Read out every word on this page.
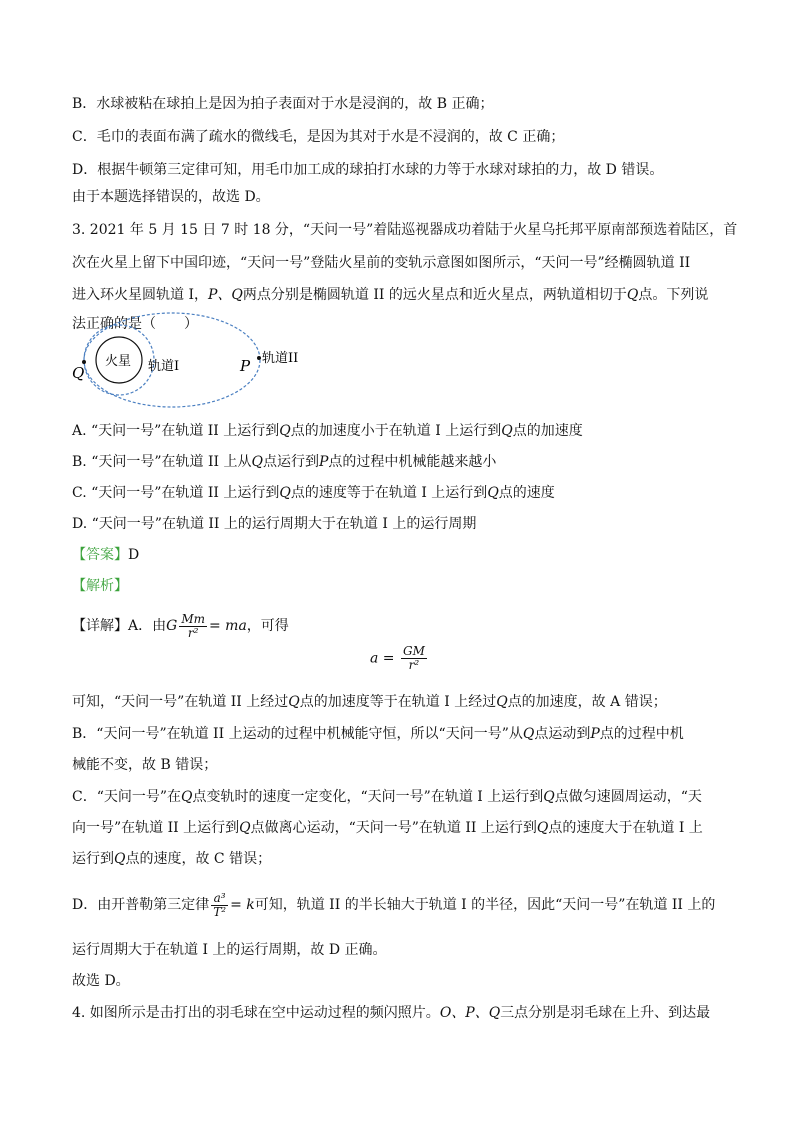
B．水球被粘在球拍上是因为拍子表面对于水是浸润的，故 B 正确；
C．毛巾的表面布满了疏水的微线毛，是因为其对于水是不浸润的，故 C 正确；
D．根据牛顿第三定律可知，用毛巾加工成的球拍打水球的力等于水球对球拍的力，故 D 错误。
由于本题选择错误的，故选 D。
3. 2021 年 5 月 15 日 7 时 18 分，“天问一号”着陆巡视器成功着陆于火星乌托邦平原南部预选着陆区，首
次在火星上留下中国印迹，“天问一号”登陆火星前的变轨示意图如图所示，“天问一号”经椭圆轨道 II
进入环火星圆轨道 I，P、Q两点分别是椭圆轨道 II 的远火星点和近火星点，两轨道相切于Q点。下列说
法正确的是（　　）
火星 轨道I
轨道II
Q	P
A. “天问一号”在轨道 II 上运行到Q点的加速度小于在轨道 I 上运行到Q点的加速度
B. “天问一号”在轨道 II 上从Q点运行到P点的过程中机械能越来越小
C. “天问一号”在轨道 II 上运行到Q点的速度等于在轨道 I 上运行到Q点的速度
D. “天问一号”在轨道 II 上的运行周期大于在轨道 I 上的运行周期
【答案】D
【解析】
【详解】A．由G $\frac{Mm}{\text{r²}}$ = ma，可得
$a = \frac{GM}{\text{r²}}$
可知，“天问一号”在轨道 II 上经过Q点的加速度等于在轨道 I 上经过Q点的加速度，故 A 错误；
B．“天问一号”在轨道 II 上运动的过程中机械能守恒，所以“天问一号”从Q点运动到P点的过程中机
械能不变，故 B 错误；
C．“天问一号”在Q点变轨时的速度一定变化，“天问一号”在轨道 I 上运行到Q点做匀速圆周运动，“天
向一号”在轨道 II 上运行到Q点做离心运动，“天问一号”在轨道 II 上运行到Q点的速度大于在轨道 I 上
运行到Q点的速度，故 C 错误；
D．由开普勒第三定律 $\frac{\text{a³}}{\text{T²}} = k$可知，轨道 II 的半长轴大于轨道 I 的半径，因此“天问一号”在轨道 II 上的
运行周期大于在轨道 I 上的运行周期，故 D 正确。
故选 D。
4. 如图所示是击打出的羽毛球在空中运动过程的频闪照片。O、P、Q三点分别是羽毛球在上升、到达最
